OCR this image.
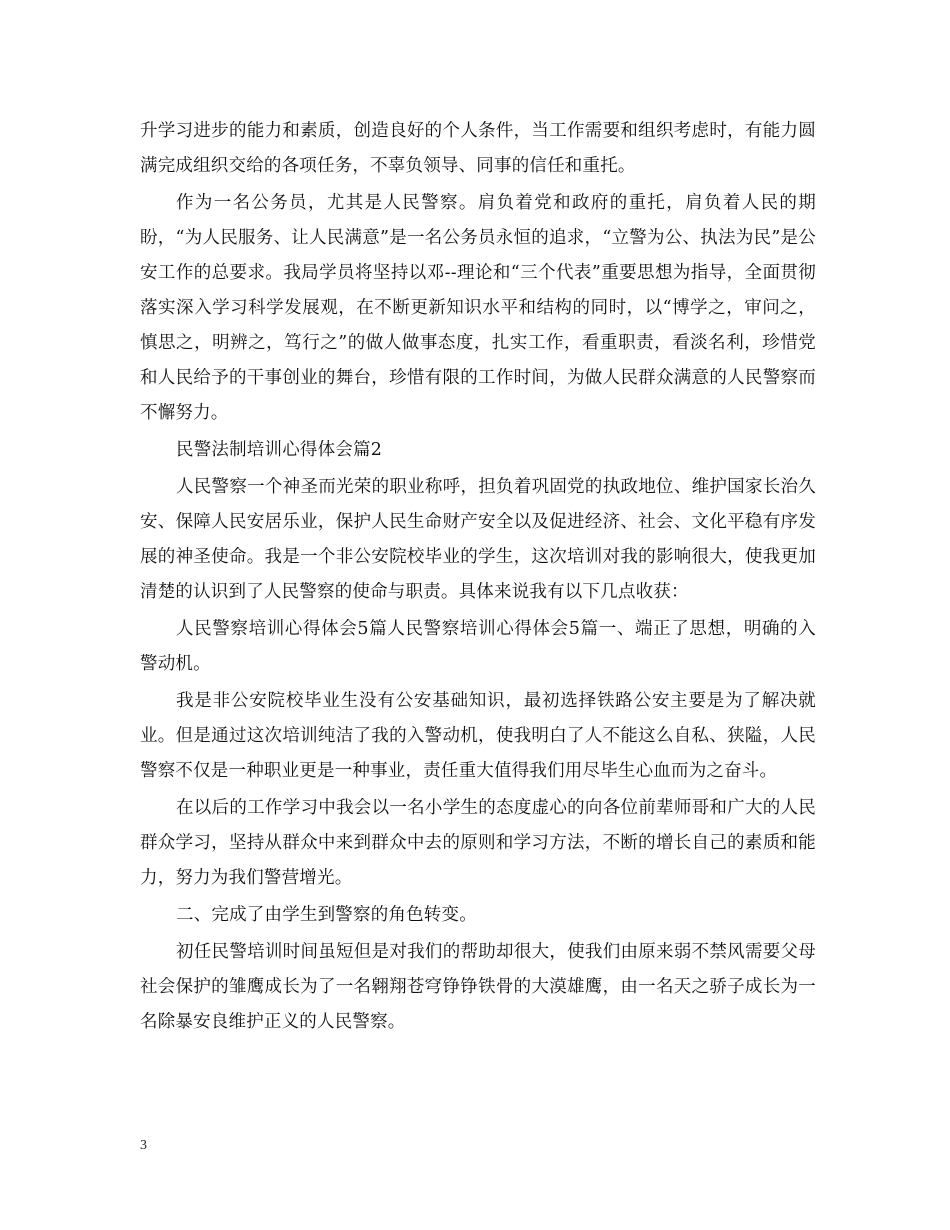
升学习进步的能力和素质，创造良好的个人条件，当工作需要和组织考虑时，有能力圆满完成组织交给的各项任务，不辜负领导、同事的信任和重托。

作为一名公务员，尤其是人民警察。肩负着党和政府的重托，肩负着人民的期盼，“为人民服务、让人民满意”是一名公务员永恒的追求，“立警为公、执法为民”是公安工作的总要求。我局学员将坚持以邓--理论和“三个代表”重要思想为指导，全面贯彻落实深入学习科学发展观，在不断更新知识水平和结构的同时，以“博学之，审问之，慎思之，明辨之，笃行之”的做人做事态度，扎实工作，看重职责，看淡名利，珍惜党和人民给予的干事创业的舞台，珍惜有限的工作时间，为做人民群众满意的人民警察而不懈努力。

民警法制培训心得体会篇2

人民警察一个神圣而光荣的职业称呼，担负着巩固党的执政地位、维护国家长治久安、保障人民安居乐业，保护人民生命财产安全以及促进经济、社会、文化平稳有序发展的神圣使命。我是一个非公安院校毕业的学生，这次培训对我的影响很大，使我更加清楚的认识到了人民警察的使命与职责。具体来说我有以下几点收获：

人民警察培训心得体会5篇人民警察培训心得体会5篇一、端正了思想，明确的入警动机。

我是非公安院校毕业生没有公安基础知识，最初选择铁路公安主要是为了解决就业。但是通过这次培训纯洁了我的入警动机，使我明白了人不能这么自私、狭隘，人民警察不仅是一种职业更是一种事业，责任重大值得我们用尽毕生心血而为之奋斗。

在以后的工作学习中我会以一名小学生的态度虚心的向各位前辈师哥和广大的人民群众学习，坚持从群众中来到群众中去的原则和学习方法，不断的增长自己的素质和能力，努力为我们警营增光。

二、完成了由学生到警察的角色转变。

初任民警培训时间虽短但是对我们的帮助却很大，使我们由原来弱不禁风需要父母社会保护的雏鹰成长为了一名翱翔苍穹铮铮铁骨的大漠雄鹰，由一名天之骄子成长为一名除暴安良维护正义的人民警察。

3
